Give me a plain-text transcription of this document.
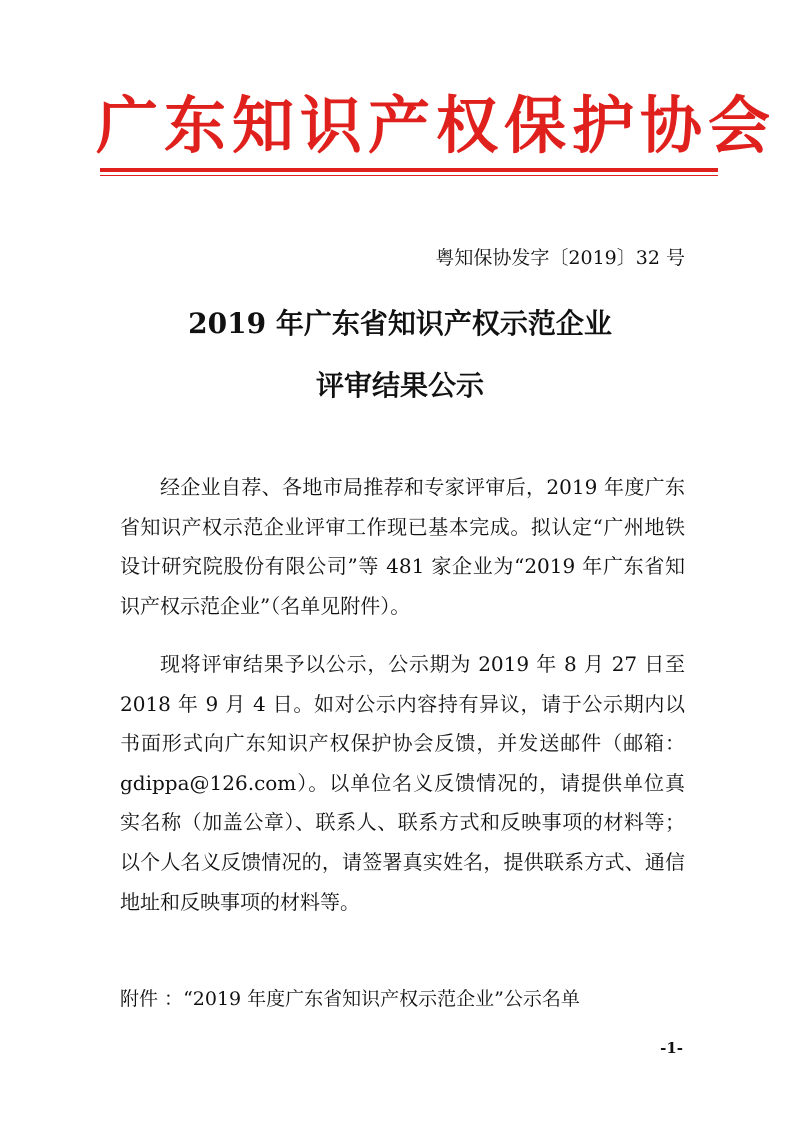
广东知识产权保护协会
粤知保协发字〔2019〕32 号
2019 年广东省知识产权示范企业
评审结果公示

经企业自荐、各地市局推荐和专家评审后，2019 年度广东省知识产权示范企业评审工作现已基本完成。拟认定“广州地铁设计研究院股份有限公司”等 481 家企业为“2019 年广东省知识产权示范企业”（名单见附件）。

现将评审结果予以公示，公示期为 2019 年 8 月 27 日至 2018 年 9 月 4 日。如对公示内容持有异议，请于公示期内以书面形式向广东知识产权保护协会反馈，并发送邮件（邮箱：gdippa@126.com）。以单位名义反馈情况的，请提供单位真实名称（加盖公章）、联系人、联系方式和反映事项的材料等；以个人名义反馈情况的，请签署真实姓名，提供联系方式、通信地址和反映事项的材料等。

附件 ：“2019 年度广东省知识产权示范企业”公示名单
-1-
